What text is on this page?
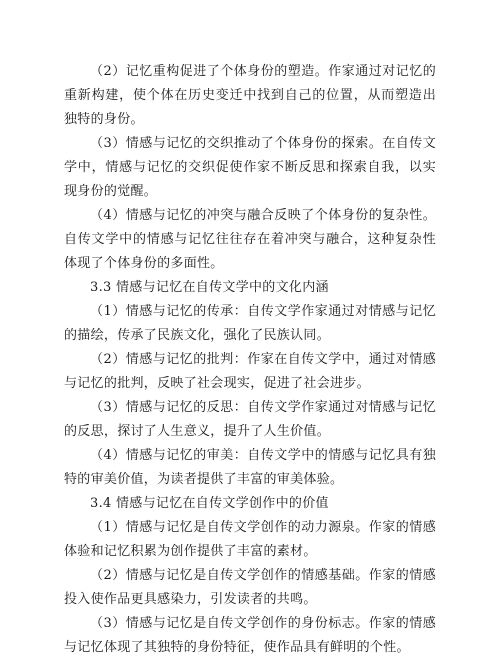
（2）记忆重构促进了个体身份的塑造。作家通过对记忆的重新构建，使个体在历史变迁中找到自己的位置，从而塑造出独特的身份。

（3）情感与记忆的交织推动了个体身份的探索。在自传文学中，情感与记忆的交织促使作家不断反思和探索自我，以实现身份的觉醒。

（4）情感与记忆的冲突与融合反映了个体身份的复杂性。自传文学中的情感与记忆往往存在着冲突与融合，这种复杂性体现了个体身份的多面性。

3.3 情感与记忆在自传文学中的文化内涵

（1）情感与记忆的传承：自传文学作家通过对情感与记忆的描绘，传承了民族文化，强化了民族认同。

（2）情感与记忆的批判：作家在自传文学中，通过对情感与记忆的批判，反映了社会现实，促进了社会进步。

（3）情感与记忆的反思：自传文学作家通过对情感与记忆的反思，探讨了人生意义，提升了人生价值。

（4）情感与记忆的审美：自传文学中的情感与记忆具有独特的审美价值，为读者提供了丰富的审美体验。

3.4 情感与记忆在自传文学创作中的价值

（1）情感与记忆是自传文学创作的动力源泉。作家的情感体验和记忆积累为创作提供了丰富的素材。

（2）情感与记忆是自传文学创作的情感基础。作家的情感投入使作品更具感染力，引发读者的共鸣。

（3）情感与记忆是自传文学创作的身份标志。作家的情感与记忆体现了其独特的身份特征，使作品具有鲜明的个性。
